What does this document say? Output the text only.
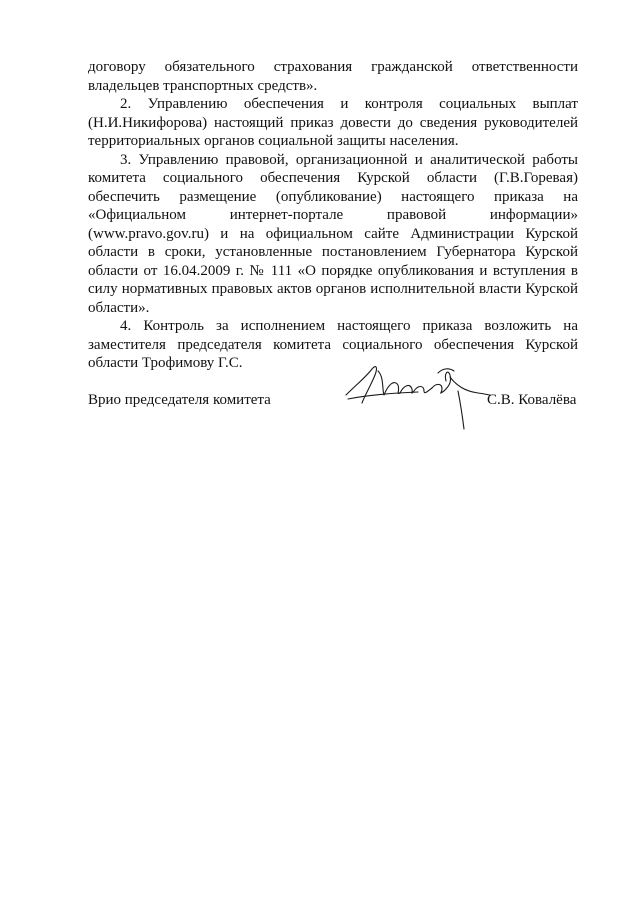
договору обязательного страхования гражданской ответственности владельцев транспортных средств».

2. Управлению обеспечения и контроля социальных выплат (Н.И.Никифорова) настоящий приказ довести до сведения руководителей территориальных органов социальной защиты населения.

3. Управлению правовой, организационной и аналитической работы комитета социального обеспечения Курской области (Г.В.Горевая) обеспечить размещение (опубликование) настоящего приказа на «Официальном интернет-портале правовой информации» (www.pravo.gov.ru) и на официальном сайте Администрации Курской области в сроки, установленные постановлением Губернатора Курской области от 16.04.2009 г. № 111 «О порядке опубликования и вступления в силу нормативных правовых актов органов исполнительной власти Курской области».

4. Контроль за исполнением настоящего приказа возложить на заместителя председателя комитета социального обеспечения Курской области Трофимову Г.С.

Врио председателя комитета	С.В. Ковалёва
